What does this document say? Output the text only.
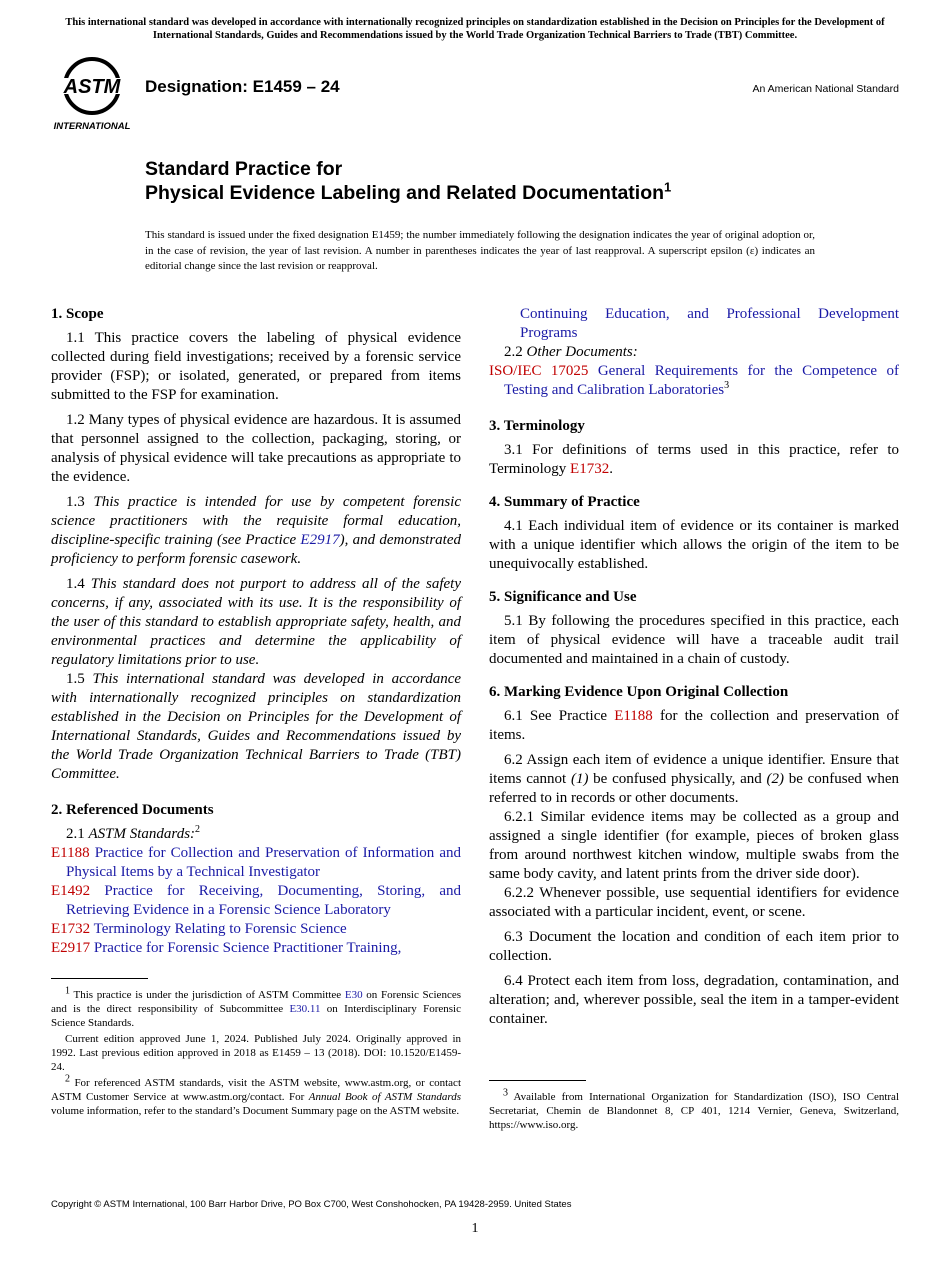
This international standard was developed in accordance with internationally recognized principles on standardization established in the Decision on Principles for the Development of International Standards, Guides and Recommendations issued by the World Trade Organization Technical Barriers to Trade (TBT) Committee.
ASTM
INTERNATIONAL
Designation: E1459 – 24	An American National Standard
Standard Practice for
Physical Evidence Labeling and Related Documentation$^1$
This standard is issued under the fixed designation E1459; the number immediately following the designation indicates the year of original adoption or, in the case of revision, the year of last revision. A number in parentheses indicates the year of last reapproval. A superscript epsilon (ε) indicates an editorial change since the last revision or reapproval.

1. Scope

1.1 This practice covers the labeling of physical evidence collected during field investigations; received by a forensic service provider (FSP); or isolated, generated, or prepared from items submitted to the FSP for examination.

1.2 Many types of physical evidence are hazardous. It is assumed that personnel assigned to the collection, packaging, storing, or analysis of physical evidence will take precautions as appropriate to the evidence.

1.3 This practice is intended for use by competent forensic science practitioners with the requisite formal education, discipline-specific training (see Practice E2917), and demonstrated proficiency to perform forensic casework.

1.4 This standard does not purport to address all of the safety concerns, if any, associated with its use. It is the responsibility of the user of this standard to establish appropriate safety, health, and environmental practices and determine the applicability of regulatory limitations prior to use.

1.5 This international standard was developed in accordance with internationally recognized principles on standardization established in the Decision on Principles for the Development of International Standards, Guides and Recommendations issued by the World Trade Organization Technical Barriers to Trade (TBT) Committee.

2. Referenced Documents

2.1 ASTM Standards:$^2$

E1188 Practice for Collection and Preservation of Information and Physical Items by a Technical Investigator

E1492 Practice for Receiving, Documenting, Storing, and Retrieving Evidence in a Forensic Science Laboratory

E1732 Terminology Relating to Forensic Science

E2917 Practice for Forensic Science Practitioner Training,

$^1$ This practice is under the jurisdiction of ASTM Committee E30 on Forensic Sciences and is the direct responsibility of Subcommittee E30.11 on Interdisciplinary Forensic Science Standards.

Current edition approved June 1, 2024. Published July 2024. Originally approved in 1992. Last previous edition approved in 2018 as E1459 – 13 (2018). DOI: 10.1520/E1459-24.

$^2$ For referenced ASTM standards, visit the ASTM website, www.astm.org, or contact ASTM Customer Service at www.astm.org/contact. For Annual Book of ASTM Standards volume information, refer to the standard’s Document Summary page on the ASTM website.

Continuing Education, and Professional Development Programs

2.2 Other Documents:

ISO/IEC 17025 General Requirements for the Competence of Testing and Calibration Laboratories$^3$

3. Terminology

3.1 For definitions of terms used in this practice, refer to Terminology E1732.

4. Summary of Practice

4.1 Each individual item of evidence or its container is marked with a unique identifier which allows the origin of the item to be unequivocally established.

5. Significance and Use

5.1 By following the procedures specified in this practice, each item of physical evidence will have a traceable audit trail documented and maintained in a chain of custody.

6. Marking Evidence Upon Original Collection

6.1 See Practice E1188 for the collection and preservation of items.

6.2 Assign each item of evidence a unique identifier. Ensure that items cannot (1) be confused physically, and (2) be confused when referred to in records or other documents.

6.2.1 Similar evidence items may be collected as a group and assigned a single identifier (for example, pieces of broken glass from around northwest kitchen window, multiple swabs from the same body cavity, and latent prints from the driver side door).

6.2.2 Whenever possible, use sequential identifiers for evidence associated with a particular incident, event, or scene.

6.3 Document the location and condition of each item prior to collection.

6.4 Protect each item from loss, degradation, contamination, and alteration; and, wherever possible, seal the item in a tamper-evident container.

$^3$ Available from International Organization for Standardization (ISO), ISO Central Secretariat, Chemin de Blandonnet 8, CP 401, 1214 Vernier, Geneva, Switzerland, https://www.iso.org.

Copyright © ASTM International, 100 Barr Harbor Drive, PO Box C700, West Conshohocken, PA 19428-2959. United States
1
